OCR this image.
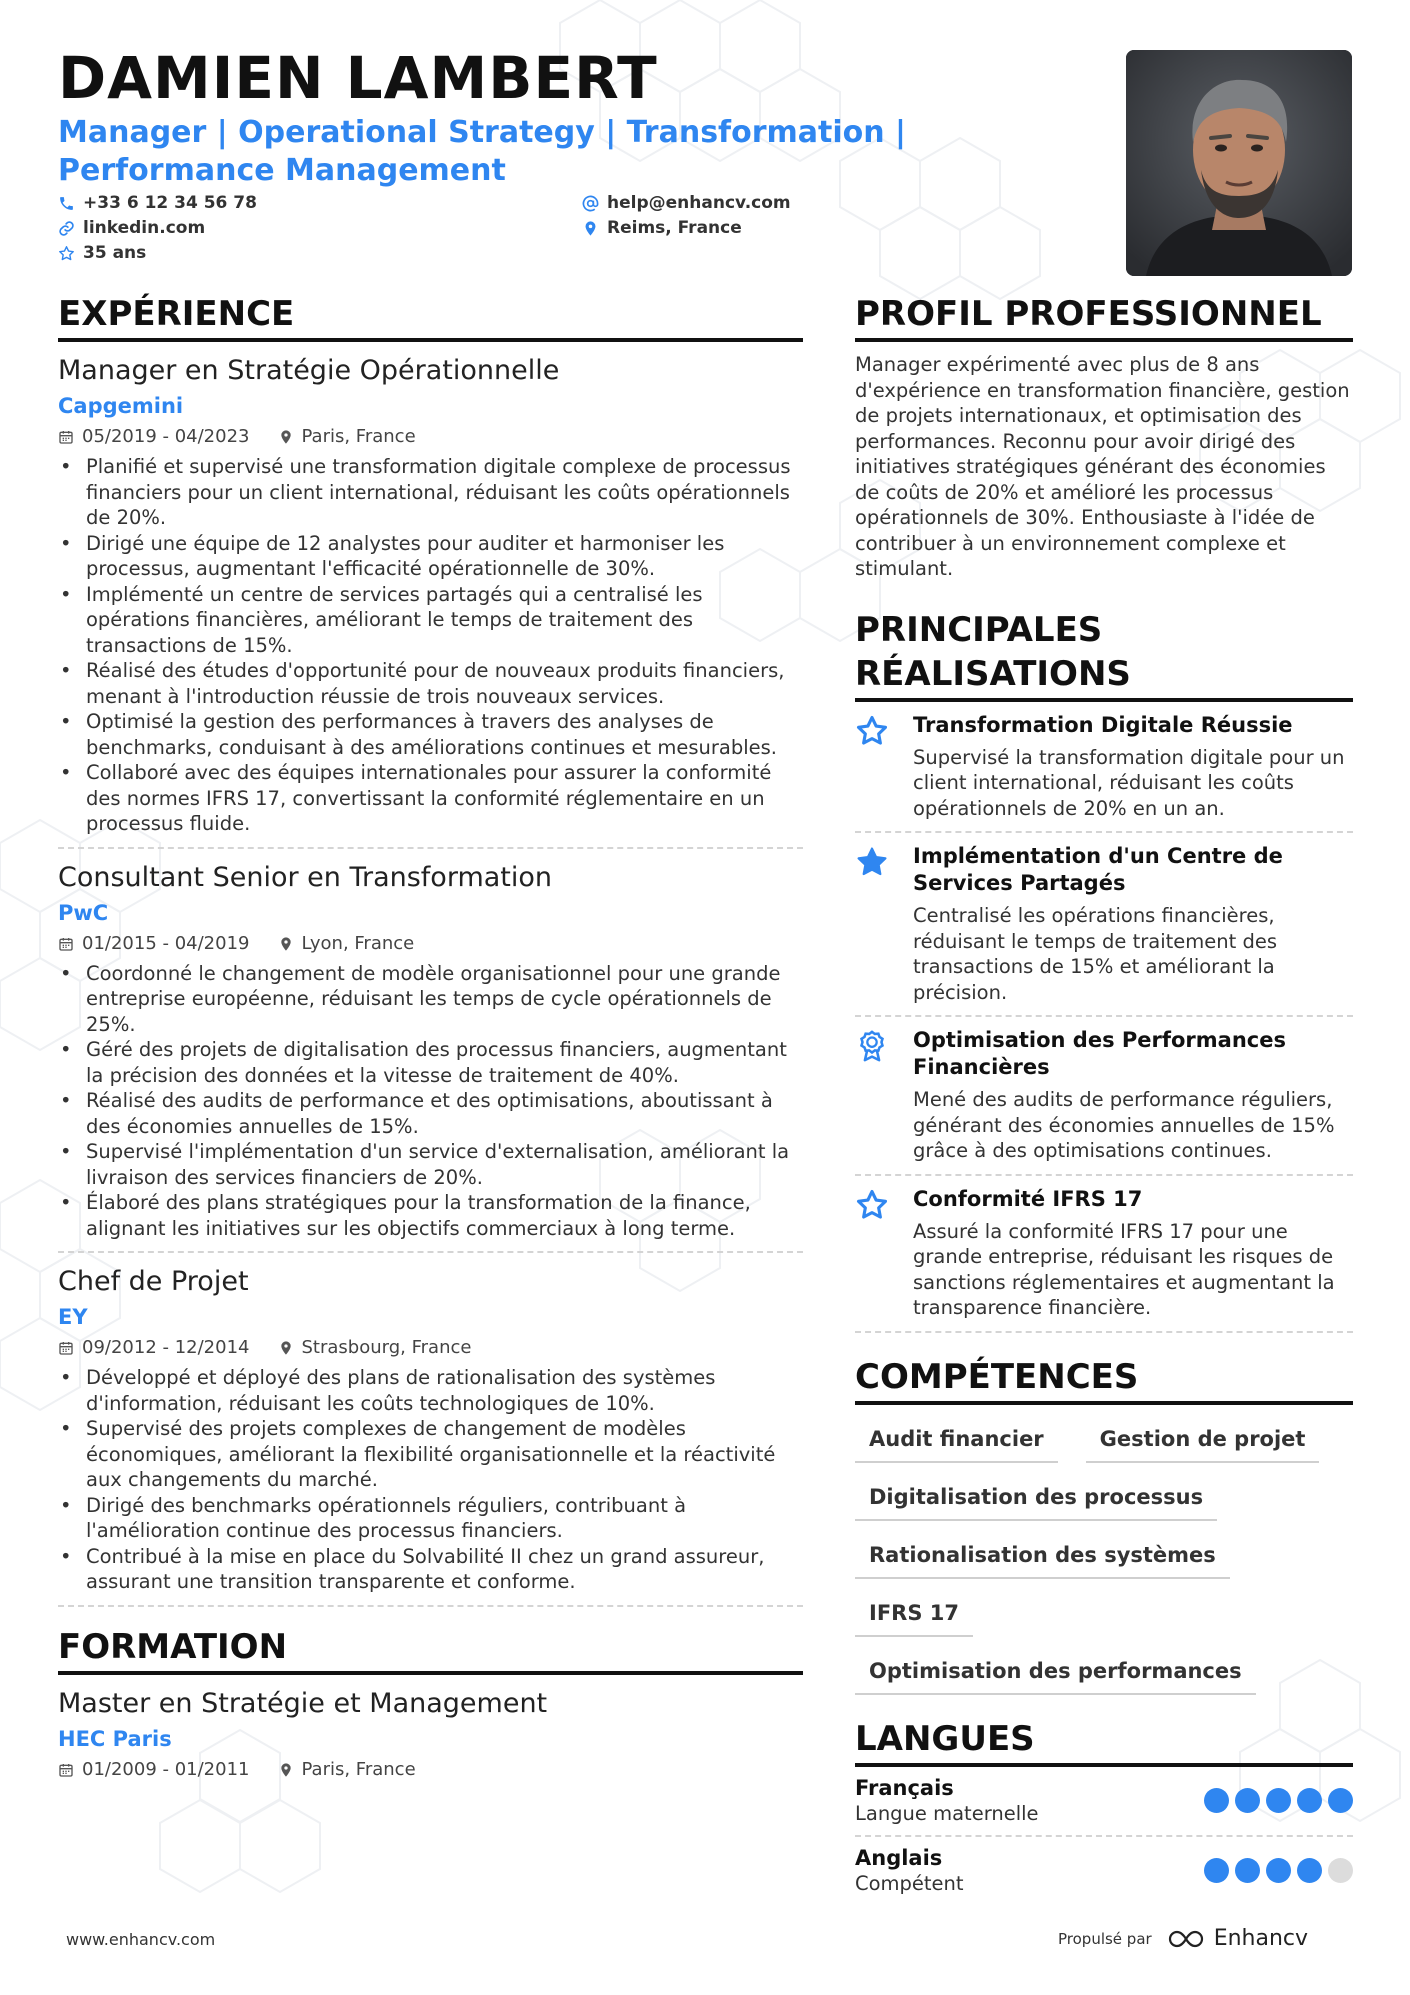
DAMIEN LAMBERT
Manager | Operational Strategy | Transformation | Performance Management
+33 6 12 34 56 78	help@enhancv.com
linkedin.com	Reims, France
35 ans
EXPÉRIENCE
Manager en Stratégie Opérationnelle
Capgemini
05/2019 - 04/2023	Paris, France
• Planifié et supervisé une transformation digitale complexe de processus financiers pour un client international, réduisant les coûts opérationnels de 20%.
• Dirigé une équipe de 12 analystes pour auditer et harmoniser les processus, augmentant l'efficacité opérationnelle de 30%.
• Implémenté un centre de services partagés qui a centralisé les opérations financières, améliorant le temps de traitement des transactions de 15%.
• Réalisé des études d'opportunité pour de nouveaux produits financiers, menant à l'introduction réussie de trois nouveaux services.
• Optimisé la gestion des performances à travers des analyses de benchmarks, conduisant à des améliorations continues et mesurables.
• Collaboré avec des équipes internationales pour assurer la conformité des normes IFRS 17, convertissant la conformité réglementaire en un processus fluide.
Consultant Senior en Transformation
PwC
01/2015 - 04/2019	Lyon, France
• Coordonné le changement de modèle organisationnel pour une grande entreprise européenne, réduisant les temps de cycle opérationnels de 25%.
• Géré des projets de digitalisation des processus financiers, augmentant la précision des données et la vitesse de traitement de 40%.
• Réalisé des audits de performance et des optimisations, aboutissant à des économies annuelles de 15%.
• Supervisé l'implémentation d'un service d'externalisation, améliorant la livraison des services financiers de 20%.
• Élaboré des plans stratégiques pour la transformation de la finance, alignant les initiatives sur les objectifs commerciaux à long terme.
Chef de Projet
EY
09/2012 - 12/2014	Strasbourg, France
• Développé et déployé des plans de rationalisation des systèmes d'information, réduisant les coûts technologiques de 10%.
• Supervisé des projets complexes de changement de modèles économiques, améliorant la flexibilité organisationnelle et la réactivité aux changements du marché.
• Dirigé des benchmarks opérationnels réguliers, contribuant à l'amélioration continue des processus financiers.
• Contribué à la mise en place du Solvabilité II chez un grand assureur, assurant une transition transparente et conforme.
FORMATION
Master en Stratégie et Management
HEC Paris
01/2009 - 01/2011	Paris, France
PROFIL PROFESSIONNEL
Manager expérimenté avec plus de 8 ans d'expérience en transformation financière, gestion de projets internationaux, et optimisation des performances. Reconnu pour avoir dirigé des initiatives stratégiques générant des économies de coûts de 20% et amélioré les processus opérationnels de 30%. Enthousiaste à l'idée de contribuer à un environnement complexe et stimulant.
PRINCIPALES RÉALISATIONS
Transformation Digitale Réussie
Supervisé la transformation digitale pour un client international, réduisant les coûts opérationnels de 20% en un an.
Implémentation d'un Centre de Services Partagés
Centralisé les opérations financières, réduisant le temps de traitement des transactions de 15% et améliorant la précision.
Optimisation des Performances Financières
Mené des audits de performance réguliers, générant des économies annuelles de 15% grâce à des optimisations continues.
Conformité IFRS 17
Assuré la conformité IFRS 17 pour une grande entreprise, réduisant les risques de sanctions réglementaires et augmentant la transparence financière.
COMPÉTENCES
Audit financier	Gestion de projet
Digitalisation des processus
Rationalisation des systèmes
IFRS 17
Optimisation des performances
LANGUES
Français
Langue maternelle
Anglais
Compétent
www.enhancv.com	Propulsé par	Enhancv
